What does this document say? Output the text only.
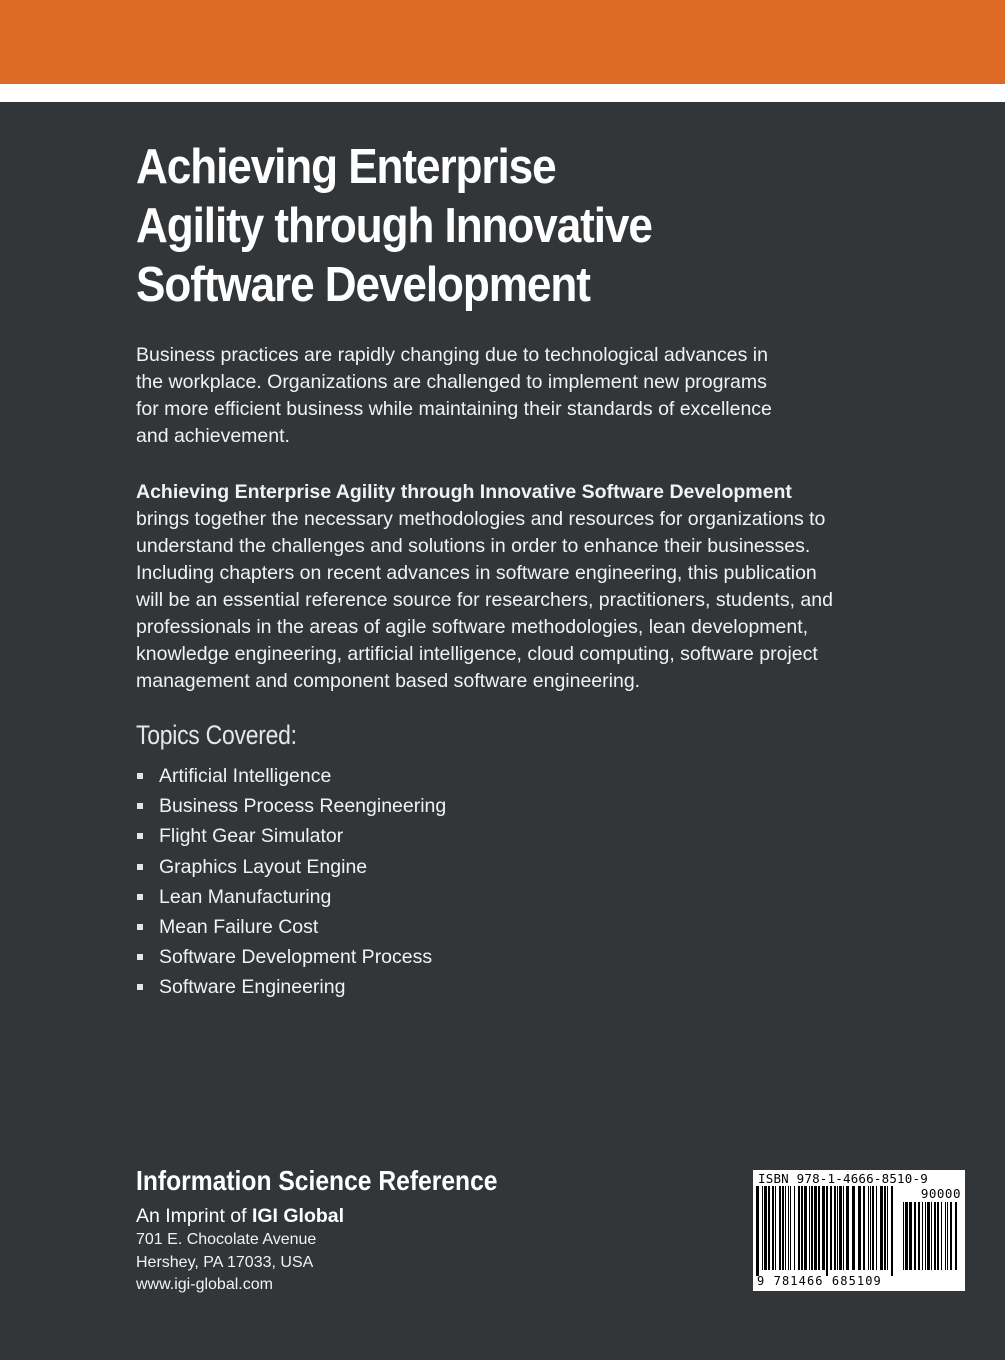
Achieving Enterprise
Agility through Innovative
Software Development
Business practices are rapidly changing due to technological advances in
the workplace. Organizations are challenged to implement new programs
for more efficient business while maintaining their standards of excellence
and achievement.
Achieving Enterprise Agility through Innovative Software Development
brings together the necessary methodologies and resources for organizations to
understand the challenges and solutions in order to enhance their businesses.
Including chapters on recent advances in software engineering, this publication
will be an essential reference source for researchers, practitioners, students, and
professionals in the areas of agile software methodologies, lean development,
knowledge engineering, artificial intelligence, cloud computing, software project
management and component based software engineering.
Topics Covered:
Artificial Intelligence
Business Process Reengineering
Flight Gear Simulator
Graphics Layout Engine
Lean Manufacturing
Mean Failure Cost
Software Development Process
Software Engineering
Information Science Reference
An Imprint of IGI Global
701 E. Chocolate Avenue
Hershey, PA 17033, USA
www.igi-global.com
ISBN 978-1-4666-8510-9
90000
9 781466 685109
